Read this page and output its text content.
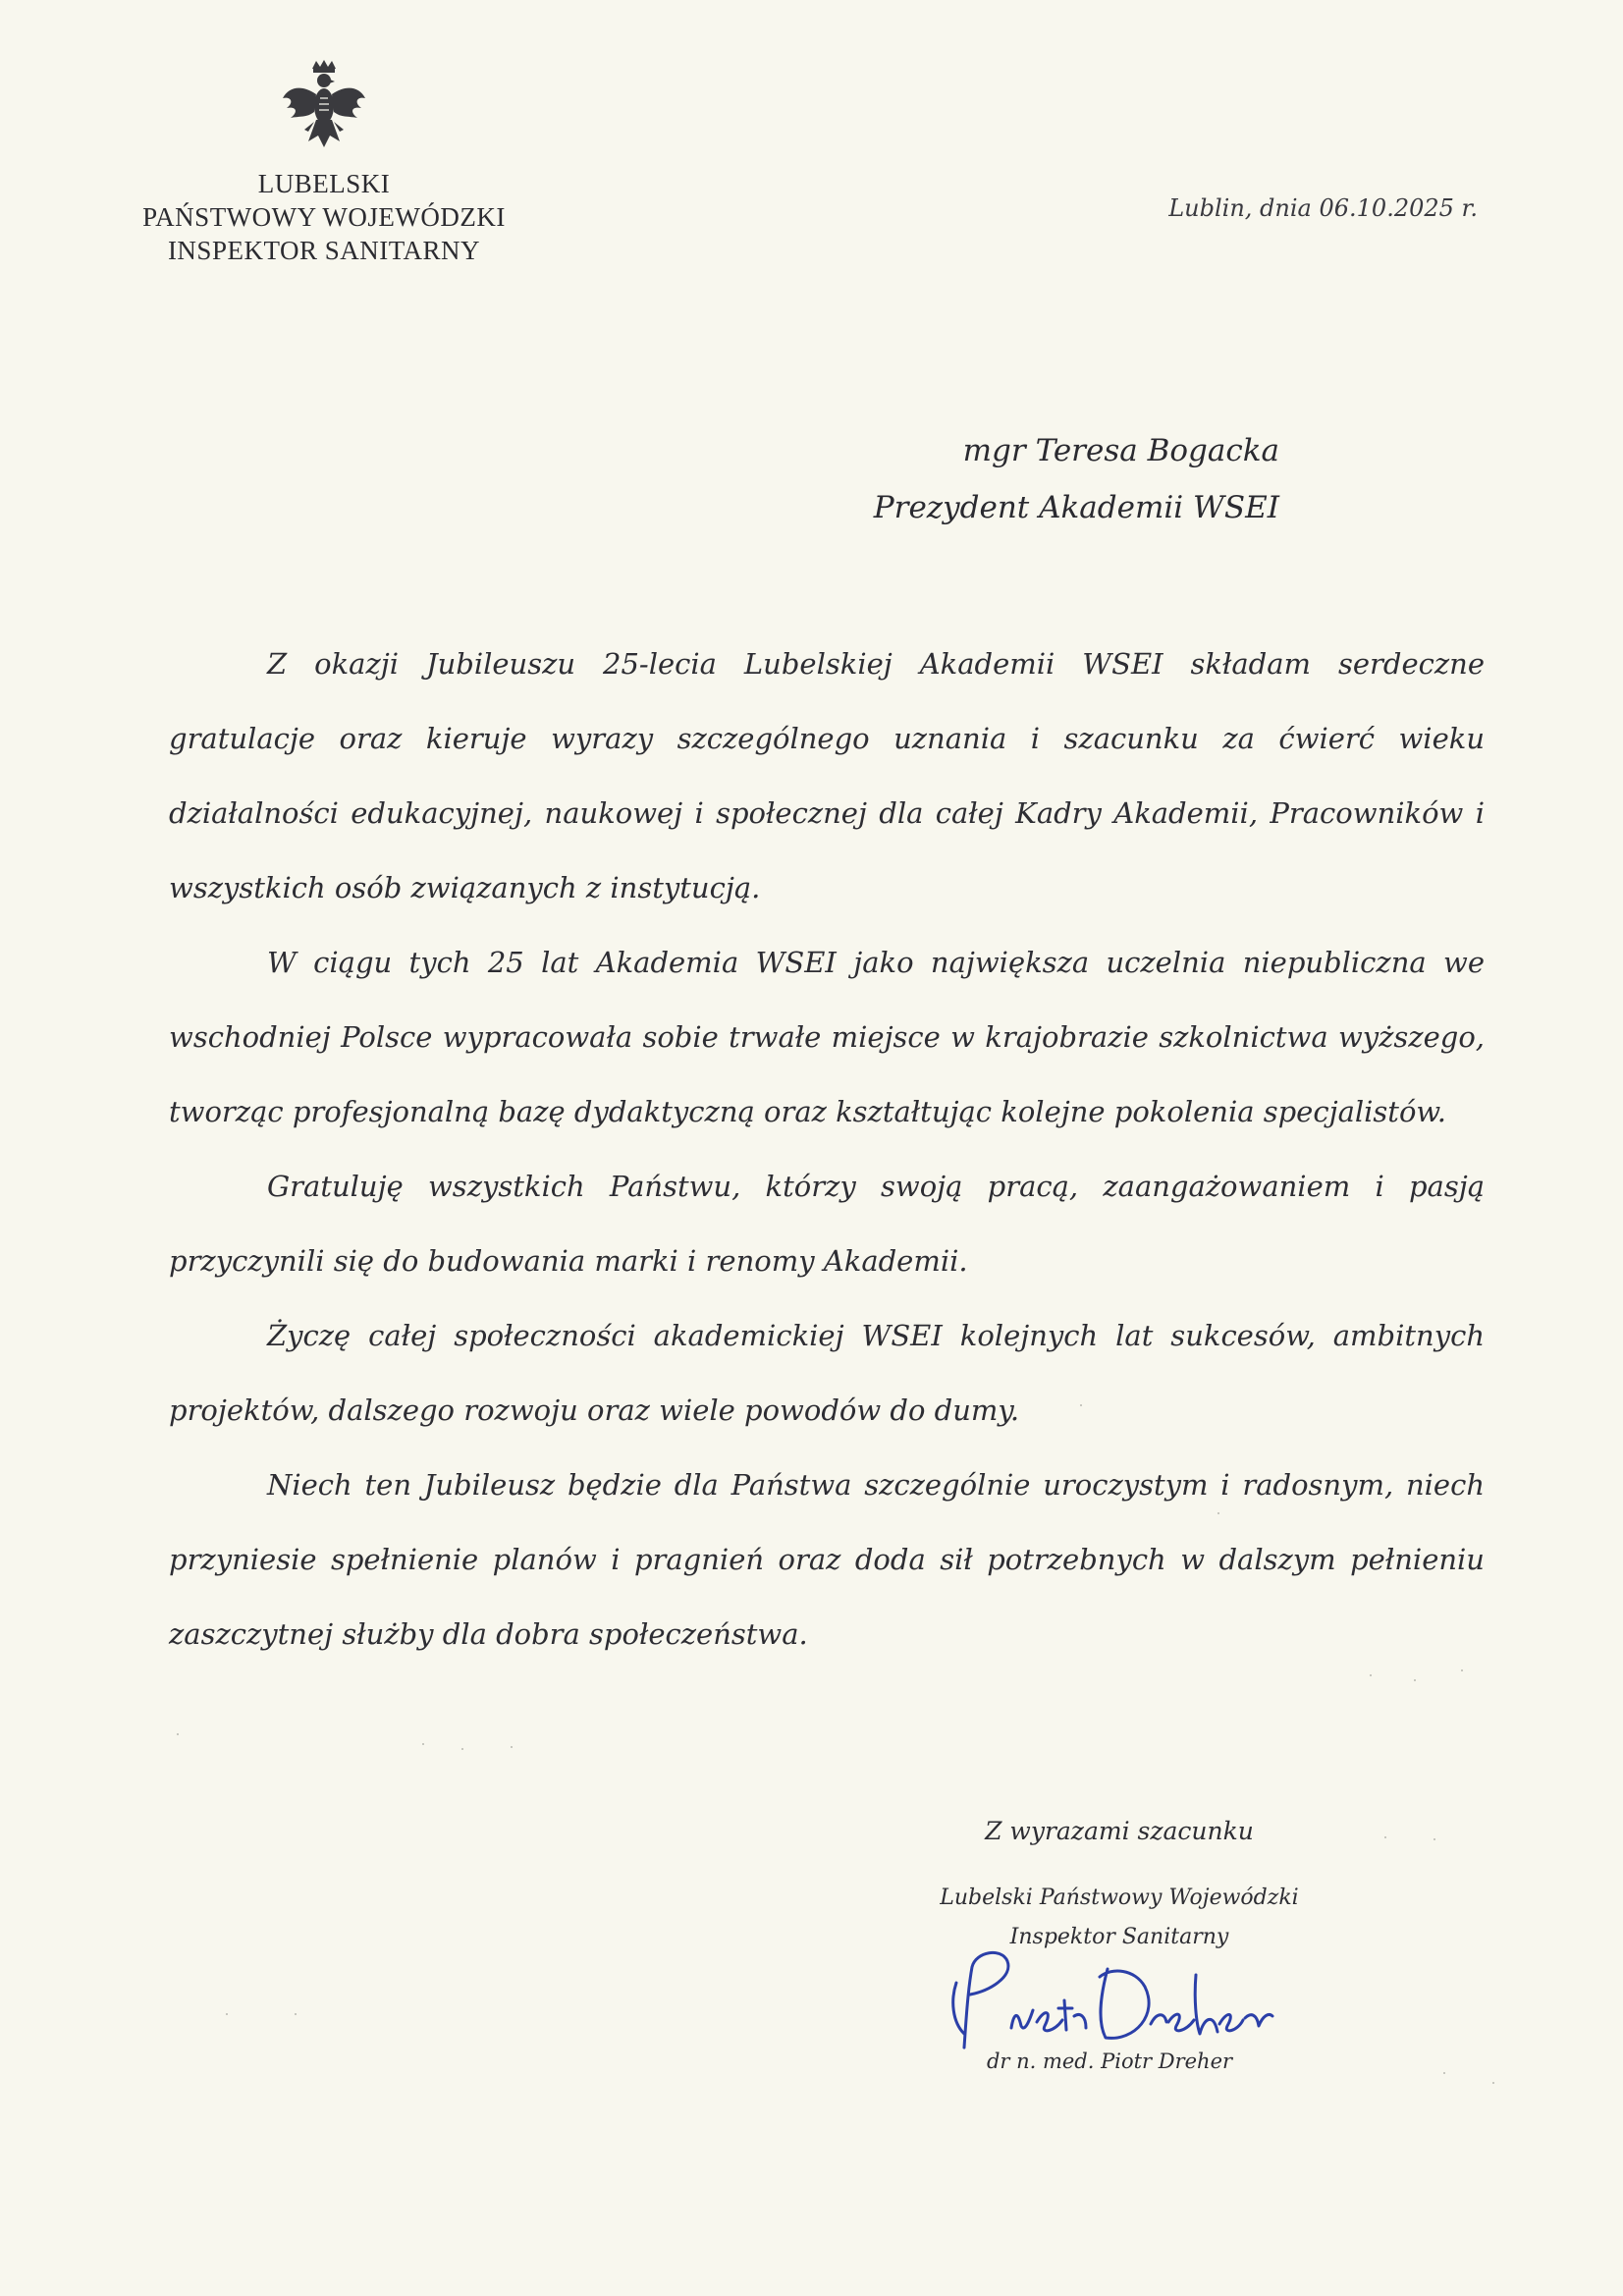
LUBELSKI
PAŃSTWOWY WOJEWÓDZKI
INSPEKTOR SANITARNY
Lublin, dnia 06.10.2025 r.
mgr Teresa Bogacka
Prezydent Akademii WSEI

Z okazji Jubileuszu 25-lecia Lubelskiej Akademii WSEI składam serdeczne gratulacje oraz kieruje wyrazy szczególnego uznania i szacunku za ćwierć wieku działalności edukacyjnej, naukowej i społecznej dla całej Kadry Akademii, Pracowników i wszystkich osób związanych z instytucją.

W ciągu tych 25 lat Akademia WSEI jako największa uczelnia niepubliczna we wschodniej Polsce wypracowała sobie trwałe miejsce w krajobrazie szkolnictwa wyższego, tworząc profesjonalną bazę dydaktyczną oraz kształtując kolejne pokolenia specjalistów.

Gratuluję wszystkich Państwu, którzy swoją pracą, zaangażowaniem i pasją przyczynili się do budowania marki i renomy Akademii.

Życzę całej społeczności akademickiej WSEI kolejnych lat sukcesów, ambitnych projektów, dalszego rozwoju oraz wiele powodów do dumy.

Niech ten Jubileusz będzie dla Państwa szczególnie uroczystym i radosnym, niech przyniesie spełnienie planów i pragnień oraz doda sił potrzebnych w dalszym pełnieniu zaszczytnej służby dla dobra społeczeństwa.

Z wyrazami szacunku
Lubelski Państwowy Wojewódzki
Inspektor Sanitarny
dr n. med. Piotr Dreher
